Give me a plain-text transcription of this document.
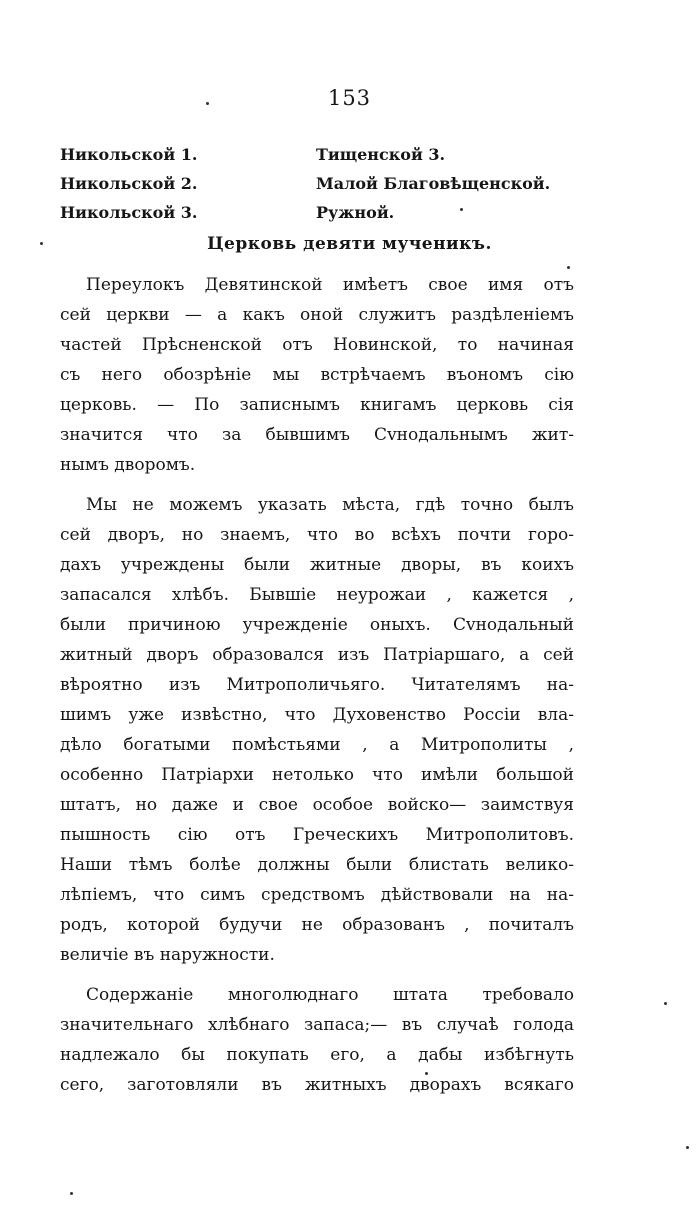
153
Никольской 1.
Никольской 2.
Никольской 3.
Тищенской 3.
Малой Благовѣщенской.
Ружной.
Церковь девяти мученикъ.
Переулокъ Девятинской имѣетъ свое имя отъ
сей церкви — а какъ оной служитъ раздѣленіемъ
частей Прѣсненской отъ Новинской, то начиная
съ него обозрѣніе мы встрѣчаемъ въономъ сію
церковь. — По записнымъ книгамъ церковь сія
значится что за бывшимъ Сvнодальнымъ жит-
нымъ дворомъ.
Мы не можемъ указать мѣста, гдѣ точно былъ
сей дворъ, но знаемъ, что во всѣхъ почти горо-
дахъ учреждены были житные дворы, въ коихъ
запасался хлѣбъ. Бывшіе неурожаи , кажется ,
были причиною учрежденіе оныхъ. Сvнодальный
житный дворъ образовался изъ Патріаршаго, а сей
вѣроятно изъ Митрополичьяго. Читателямъ на-
шимъ уже извѣстно, что Духовенство Россіи вла-
дѣло богатыми помѣстьями , а Митрополиты ,
особенно Патріархи нетолько что имѣли большой
штатъ, но даже и свое особое войско— заимствуя
пышность сію отъ Греческихъ Митрополитовъ.
Наши тѣмъ болѣе должны были блистать велико-
лѣпіемъ, что симъ средствомъ дѣйствовали на на-
родъ, которой будучи не образованъ , почиталъ
величіе въ наружности.
Содержаніе многолюднаго штата требовало
значительнаго хлѣбнаго запаса;— въ случаѣ голода
надлежало бы покупать его, а дабы избѣгнуть
сего, заготовляли въ житныхъ дворахъ всякаго
